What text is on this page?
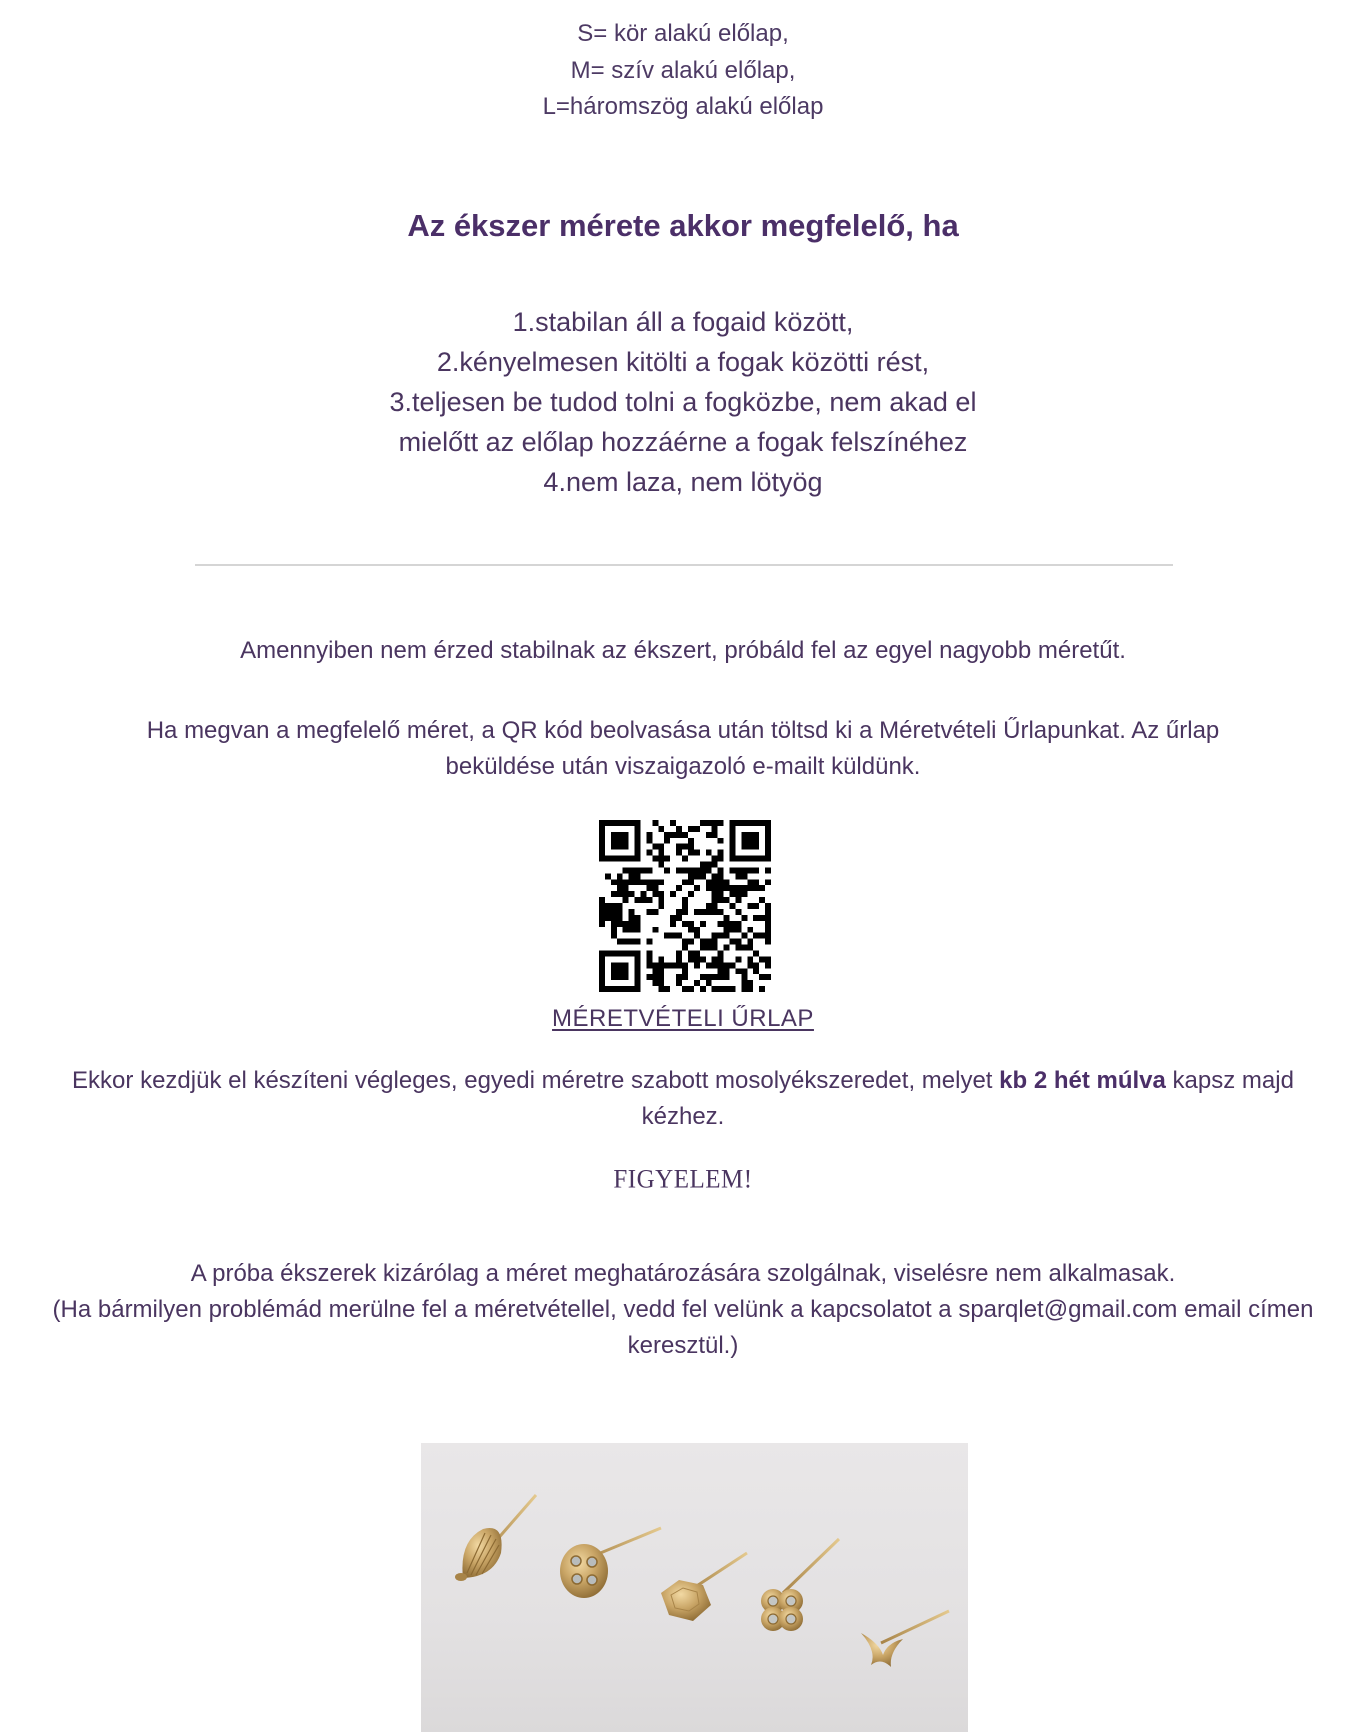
S= kör alakú előlap,
M= szív alakú előlap,
L=háromszög alakú előlap
Az ékszer mérete akkor megfelelő, ha
1.stabilan áll a fogaid között,
2.kényelmesen kitölti a fogak közötti rést,
3.teljesen be tudod tolni a fogközbe, nem akad el
mielőtt az előlap hozzáérne a fogak felszínéhez
4.nem laza, nem lötyög
Amennyiben nem érzed stabilnak az ékszert, próbáld fel az egyel nagyobb méretűt.
Ha megvan a megfelelő méret, a QR kód beolvasása után töltsd ki a Méretvételi Űrlapunkat. Az űrlap beküldése után viszaigazoló e-mailt küldünk.
MÉRETVÉTELI ŰRLAP
Ekkor kezdjük el készíteni végleges, egyedi méretre szabott mosolyékszeredet, melyet kb 2 hét múlva kapsz majd kézhez.
FIGYELEM!
A próba ékszerek kizárólag a méret meghatározására szolgálnak, viselésre nem alkalmasak.
(Ha bármilyen problémád merülne fel a méretvétellel, vedd fel velünk a kapcsolatot a sparqlet@gmail.com email címen keresztül.)
